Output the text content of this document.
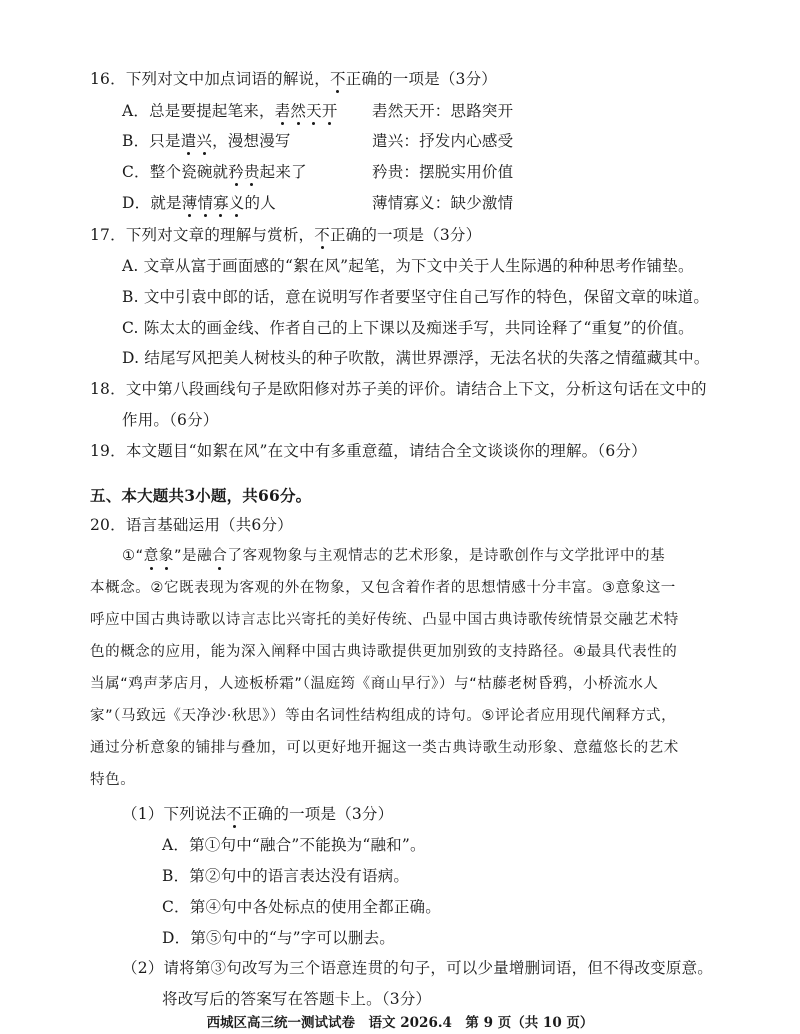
16．下列对文中加点词语的解说，不正确的一项是（3分）
A．总是要提起笔来，砉然天开 砉然天开：思路突开
B．只是遣兴，漫想漫写	遣兴：抒发内心感受
C．整个瓷碗就矜贵起来了	矜贵：摆脱实用价值
D．就是薄情寡义的人	薄情寡义：缺少激情
17．下列对文章的理解与赏析，不正确的一项是（3分）
A. 文章从富于画面感的“絮在风”起笔，为下文中关于人生际遇的种种思考作铺垫。
B. 文中引袁中郎的话，意在说明写作者要坚守住自己写作的特色，保留文章的味道。
C. 陈太太的画金线、作者自己的上下课以及痴迷手写，共同诠释了“重复”的价值。
D. 结尾写风把美人树枝头的种子吹散，满世界漂浮，无法名状的失落之情蕴藏其中。
18．文中第八段画线句子是欧阳修对苏子美的评价。请结合上下文，分析这句话在文中的
作用。（6分）
19．本文题目“如絮在风”在文中有多重意蕴，请结合全文谈谈你的理解。（6分）
五、本大题共3小题，共66分。
20．语言基础运用（共6分）
①“意象”是融合了客观物象与主观情志的艺术形象，是诗歌创作与文学批评中的基
本概念。②它既表现为客观的外在物象，又包含着作者的思想情感十分丰富。③意象这一
呼应中国古典诗歌以诗言志比兴寄托的美好传统、凸显中国古典诗歌传统情景交融艺术特
色的概念的应用，能为深入阐释中国古典诗歌提供更加别致的支持路径。④最具代表性的
当属“鸡声茅店月，人迹板桥霜”（温庭筠《商山早行》）与“枯藤老树昏鸦，小桥流水人
家”（马致远《天净沙·秋思》）等由名词性结构组成的诗句。⑤评论者应用现代阐释方式，
通过分析意象的铺排与叠加，可以更好地开掘这一类古典诗歌生动形象、意蕴悠长的艺术
特色。
（1）下列说法不正确的一项是（3分）
A．第①句中“融合”不能换为“融和”。
B．第②句中的语言表达没有语病。
C．第④句中各处标点的使用全都正确。
D．第⑤句中的“与”字可以删去。
（2）请将第③句改写为三个语意连贯的句子，可以少量增删词语，但不得改变原意。
将改写后的答案写在答题卡上。（3分）
西城区高三统一测试试卷　语文 2026.4　第 9 页（共 10 页）
